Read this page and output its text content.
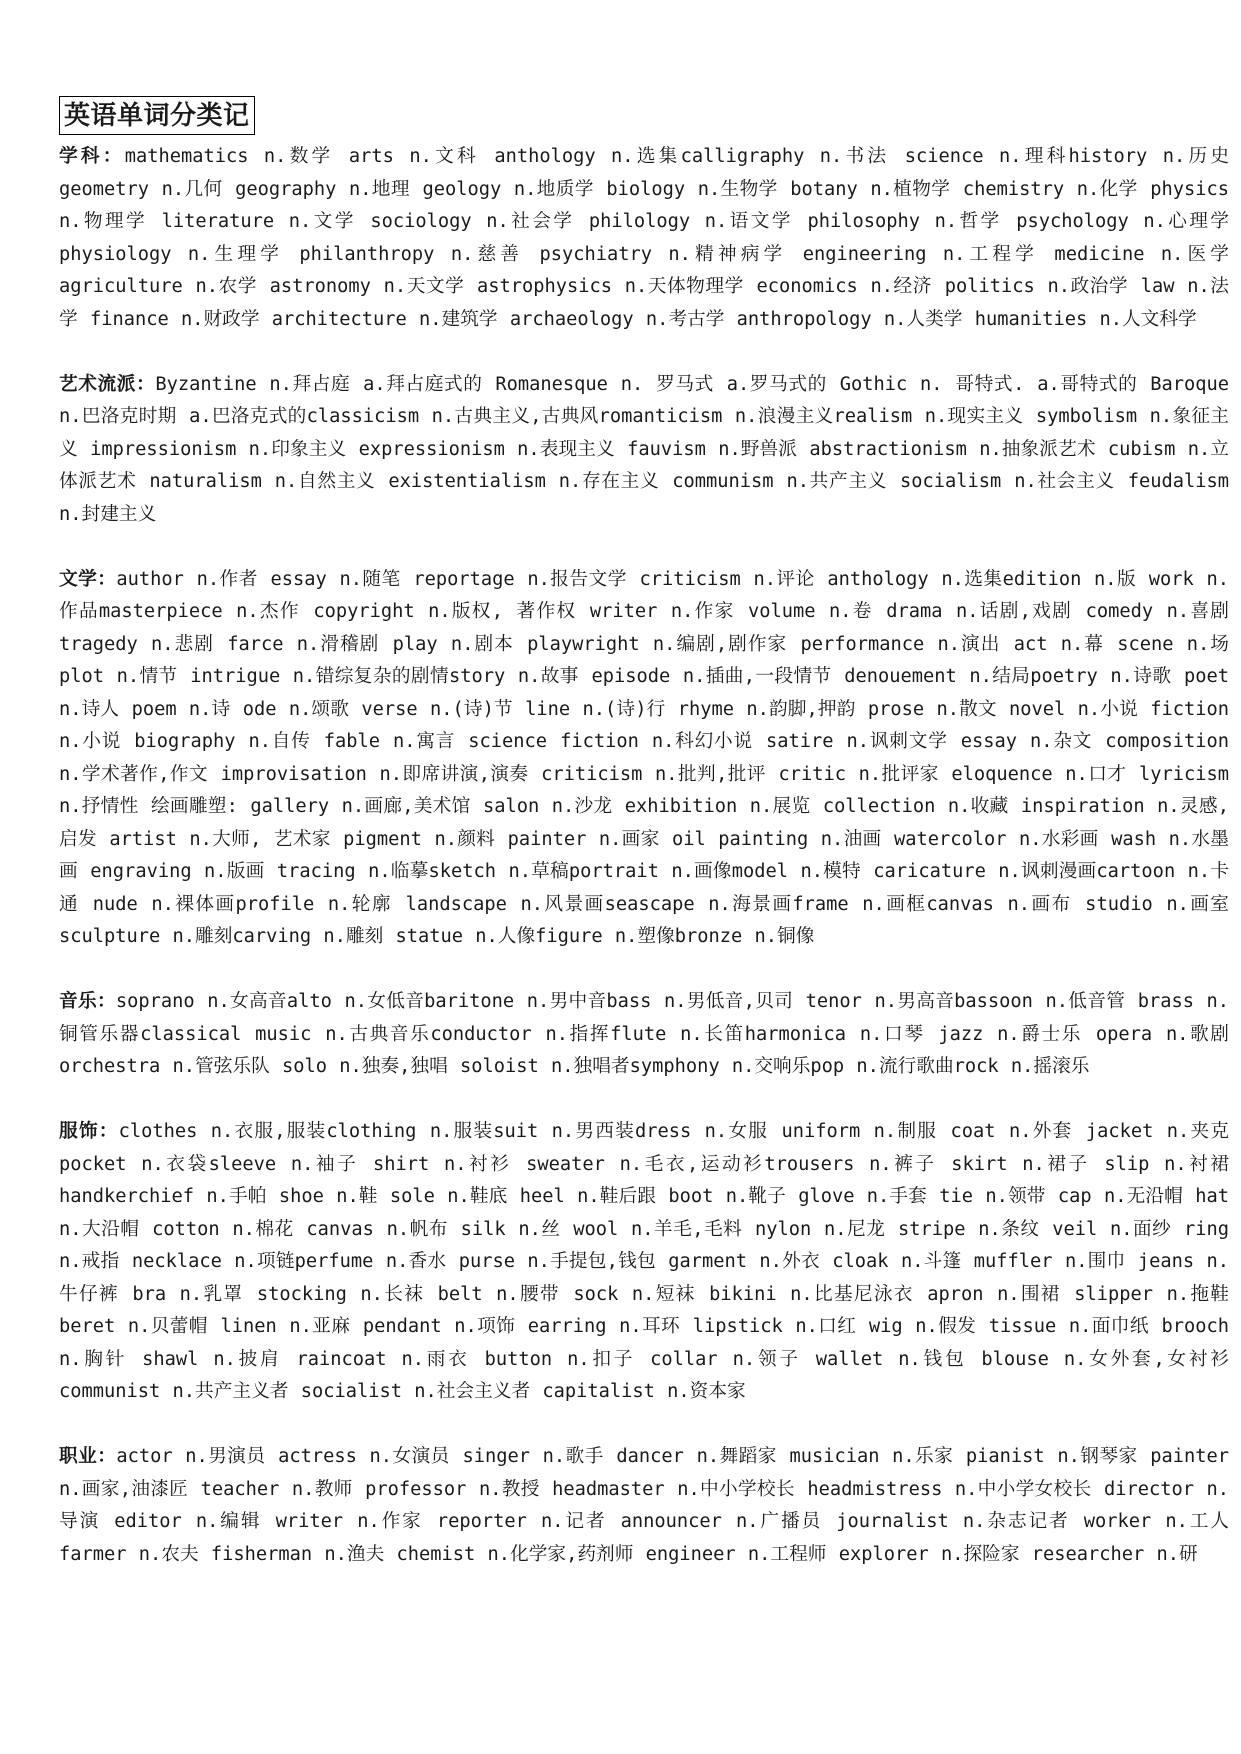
英语单词分类记

学科：mathematics n.数学 arts n.文科 anthology n.选集calligraphy n.书法 science n.理科history n.历史 geometry n.几何 geography n.地理 geology n.地质学 biology n.生物学 botany n.植物学 chemistry n.化学 physics n.物理学 literature n.文学 sociology n.社会学 philology n.语文学 philosophy n.哲学 psychology n.心理学 physiology n.生理学 philanthropy n.慈善 psychiatry n.精神病学 engineering n.工程学 medicine n.医学 agriculture n.农学 astronomy n.天文学 astrophysics n.天体物理学 economics n.经济 politics n.政治学 law n.法学 finance n.财政学 architecture n.建筑学 archaeology n.考古学 anthropology n.人类学 humanities n.人文科学

艺术流派：Byzantine n.拜占庭 a.拜占庭式的 Romanesque n. 罗马式 a.罗马式的 Gothic n. 哥特式. a.哥特式的 Baroque n.巴洛克时期 a.巴洛克式的classicism n.古典主义,古典风romanticism n.浪漫主义realism n.现实主义 symbolism n.象征主义 impressionism n.印象主义 expressionism n.表现主义 fauvism n.野兽派 abstractionism n.抽象派艺术 cubism n.立体派艺术 naturalism n.自然主义 existentialism n.存在主义 communism n.共产主义 socialism n.社会主义 feudalism n.封建主义

文学：author n.作者 essay n.随笔 reportage n.报告文学 criticism n.评论 anthology n.选集edition n.版 work n.作品masterpiece n.杰作 copyright n.版权, 著作权 writer n.作家 volume n.卷 drama n.话剧,戏剧 comedy n.喜剧 tragedy n.悲剧 farce n.滑稽剧 play n.剧本 playwright n.编剧,剧作家 performance n.演出 act n.幕 scene n.场 plot n.情节 intrigue n.错综复杂的剧情story n.故事 episode n.插曲,一段情节 denouement n.结局poetry n.诗歌 poet n.诗人 poem n.诗 ode n.颂歌 verse n.(诗)节 line n.(诗)行 rhyme n.韵脚,押韵 prose n.散文 novel n.小说 fiction n.小说 biography n.自传 fable n.寓言 science fiction n.科幻小说 satire n.讽刺文学 essay n.杂文 composition n.学术著作,作文 improvisation n.即席讲演,演奏 criticism n.批判,批评 critic n.批评家 eloquence n.口才 lyricism n.抒情性 绘画雕塑: gallery n.画廊,美术馆 salon n.沙龙 exhibition n.展览 collection n.收藏 inspiration n.灵感,启发 artist n.大师, 艺术家 pigment n.颜料 painter n.画家 oil painting n.油画 watercolor n.水彩画 wash n.水墨画 engraving n.版画 tracing n.临摹sketch n.草稿portrait n.画像model n.模特 caricature n.讽刺漫画cartoon n.卡通 nude n.裸体画profile n.轮廓 landscape n.风景画seascape n.海景画frame n.画框canvas n.画布 studio n.画室sculpture n.雕刻carving n.雕刻 statue n.人像figure n.塑像bronze n.铜像

音乐：soprano n.女高音alto n.女低音baritone n.男中音bass n.男低音,贝司 tenor n.男高音bassoon n.低音管 brass n.铜管乐器classical music n.古典音乐conductor n.指挥flute n.长笛harmonica n.口琴 jazz n.爵士乐 opera n.歌剧orchestra n.管弦乐队 solo n.独奏,独唱 soloist n.独唱者symphony n.交响乐pop n.流行歌曲rock n.摇滚乐

服饰：clothes n.衣服,服装clothing n.服装suit n.男西装dress n.女服 uniform n.制服 coat n.外套 jacket n.夹克 pocket n.衣袋sleeve n.袖子 shirt n.衬衫 sweater n.毛衣,运动衫trousers n.裤子 skirt n.裙子 slip n.衬裙handkerchief n.手帕 shoe n.鞋 sole n.鞋底 heel n.鞋后跟 boot n.靴子 glove n.手套 tie n.领带 cap n.无沿帽 hat n.大沿帽 cotton n.棉花 canvas n.帆布 silk n.丝 wool n.羊毛,毛料 nylon n.尼龙 stripe n.条纹 veil n.面纱 ring n.戒指 necklace n.项链perfume n.香水 purse n.手提包,钱包 garment n.外衣 cloak n.斗篷 muffler n.围巾 jeans n.牛仔裤 bra n.乳罩 stocking n.长袜 belt n.腰带 sock n.短袜 bikini n.比基尼泳衣 apron n.围裙 slipper n.拖鞋 beret n.贝蕾帽 linen n.亚麻 pendant n.项饰 earring n.耳环 lipstick n.口红 wig n.假发 tissue n.面巾纸 brooch n.胸针 shawl n.披肩 raincoat n.雨衣 button n.扣子 collar n.领子 wallet n.钱包 blouse n.女外套,女衬衫 communist n.共产主义者 socialist n.社会主义者 capitalist n.资本家

职业：actor n.男演员 actress n.女演员 singer n.歌手 dancer n.舞蹈家 musician n.乐家 pianist n.钢琴家 painter n.画家,油漆匠 teacher n.教师 professor n.教授 headmaster n.中小学校长 headmistress n.中小学女校长 director n.导演 editor n.编辑 writer n.作家 reporter n.记者 announcer n.广播员 journalist n.杂志记者 worker n.工人 farmer n.农夫 fisherman n.渔夫 chemist n.化学家,药剂师 engineer n.工程师 explorer n.探险家 researcher n.研
